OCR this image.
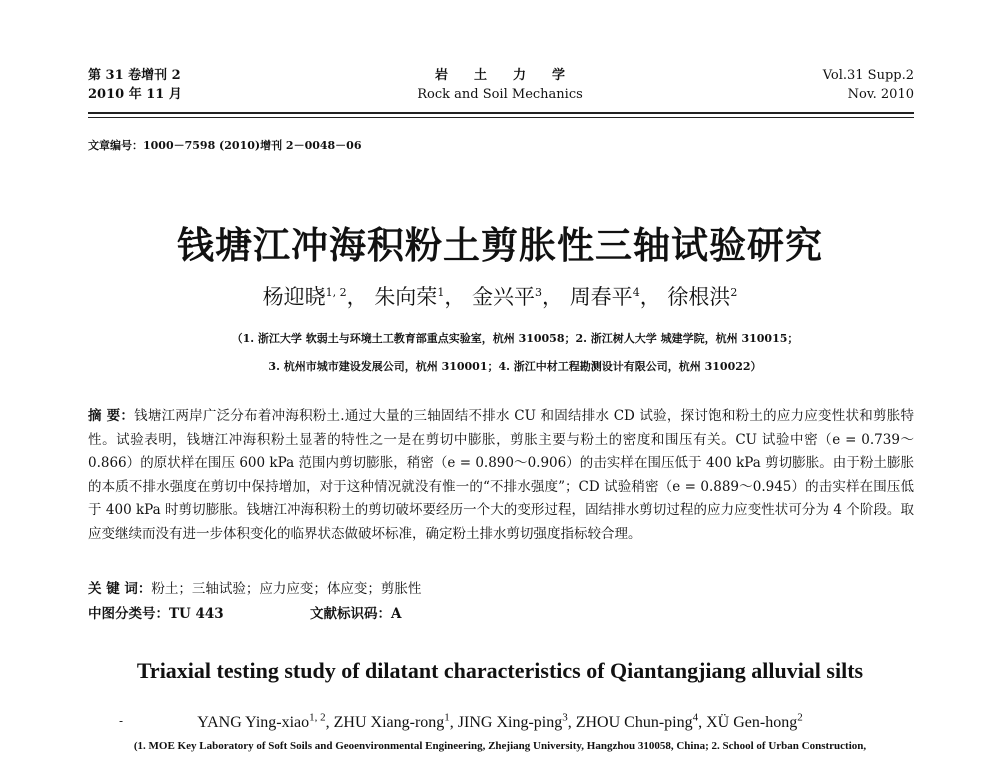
第 31 卷增刊 2
2010 年 11 月
岩土力学
Rock and Soil Mechanics
Vol.31 Supp.2
Nov. 2010
文章编号：1000－7598 (2010)增刊 2－0048－06
钱塘江冲海积粉土剪胀性三轴试验研究
杨迎晓$^{1, 2}$， 朱向荣$^1$， 金兴平$^3$， 周春平$^4$， 徐根洪$^2$
（1. 浙江大学 软弱土与环境土工教育部重点实验室，杭州 310058；2. 浙江树人大学 城建学院，杭州 310015；
3. 杭州市城市建设发展公司，杭州 310001；4. 浙江中材工程勘测设计有限公司，杭州 310022）
摘 要：钱塘江两岸广泛分布着冲海积粉土.通过大量的三轴固结不排水 CU 和固结排水 CD 试验，探讨饱和粉土的应力应变性状和剪胀特性。试验表明，钱塘江冲海积粉土显著的特性之一是在剪切中膨胀，剪胀主要与粉土的密度和围压有关。CU 试验中密（e = 0.739～0.866）的原状样在围压 600 kPa 范围内剪切膨胀，稍密（e = 0.890～0.906）的击实样在围压低于 400 kPa 剪切膨胀。由于粉土膨胀的本质不排水强度在剪切中保持增加，对于这种情况就没有惟一的“不排水强度”；CD 试验稍密（e = 0.889～0.945）的击实样在围压低于 400 kPa 时剪切膨胀。钱塘江冲海积粉土的剪切破坏要经历一个大的变形过程，固结排水剪切过程的应力应变性状可分为 4 个阶段。取应变继续而没有进一步体积变化的临界状态做破坏标准，确定粉土排水剪切强度指标较合理。
关 键 词：粉土；三轴试验；应力应变；体应变；剪胀性
中图分类号：TU 443	文献标识码：A
Triaxial testing study of dilatant characteristics of Qiantangjiang alluvial silts
-	YANG Ying-xiao$^{1, 2}$, ZHU Xiang-rong$^1$, JING Xing-ping$^3$, ZHOU Chun-ping$^4$, XÜ Gen-hong$^2$
(1. MOE Key Laboratory of Soft Soils and Geoenvironmental Engineering, Zhejiang University, Hangzhou 310058, China; 2. School of Urban Construction,
